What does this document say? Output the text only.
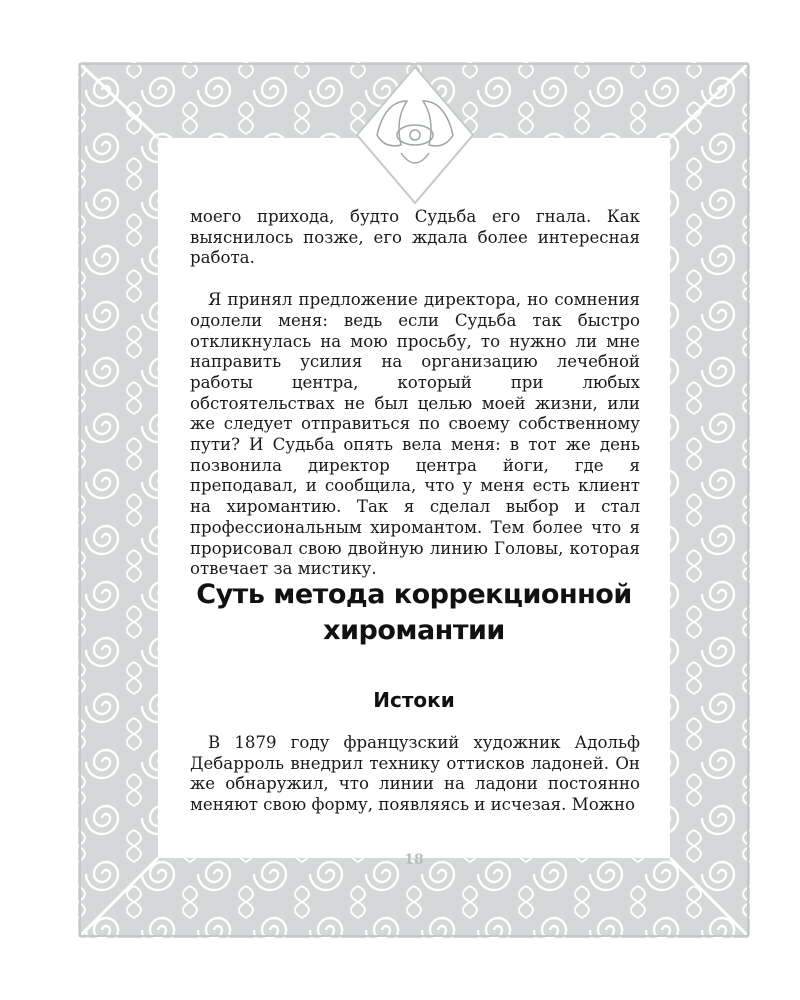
моего прихода, будто Судьба его гнала. Как выяснилось позже, его ждала более интересная работа.

Я принял предложение директора, но сомнения одолели меня: ведь если Судьба так быстро откликнулась на мою просьбу, то нужно ли мне направить усилия на организацию лечебной работы центра, который при любых обстоятельствах не был целью моей жизни, или же следует отправиться по своему собственному пути? И Судьба опять вела меня: в тот же день позвонила директор центра йоги, где я преподавал, и сообщила, что у меня есть клиент на хиромантию. Так я сделал выбор и стал профессиональным хиромантом. Тем более что я прорисовал свою двойную линию Головы, которая отвечает за мистику.

Суть метода коррекционной
хиромантии
Истоки

В 1879 году французский художник Адольф Дебарроль внедрил технику оттисков ладоней. Он же обнаружил, что линии на ладони постоянно меняют свою форму, появляясь и исчезая. Можно

18
